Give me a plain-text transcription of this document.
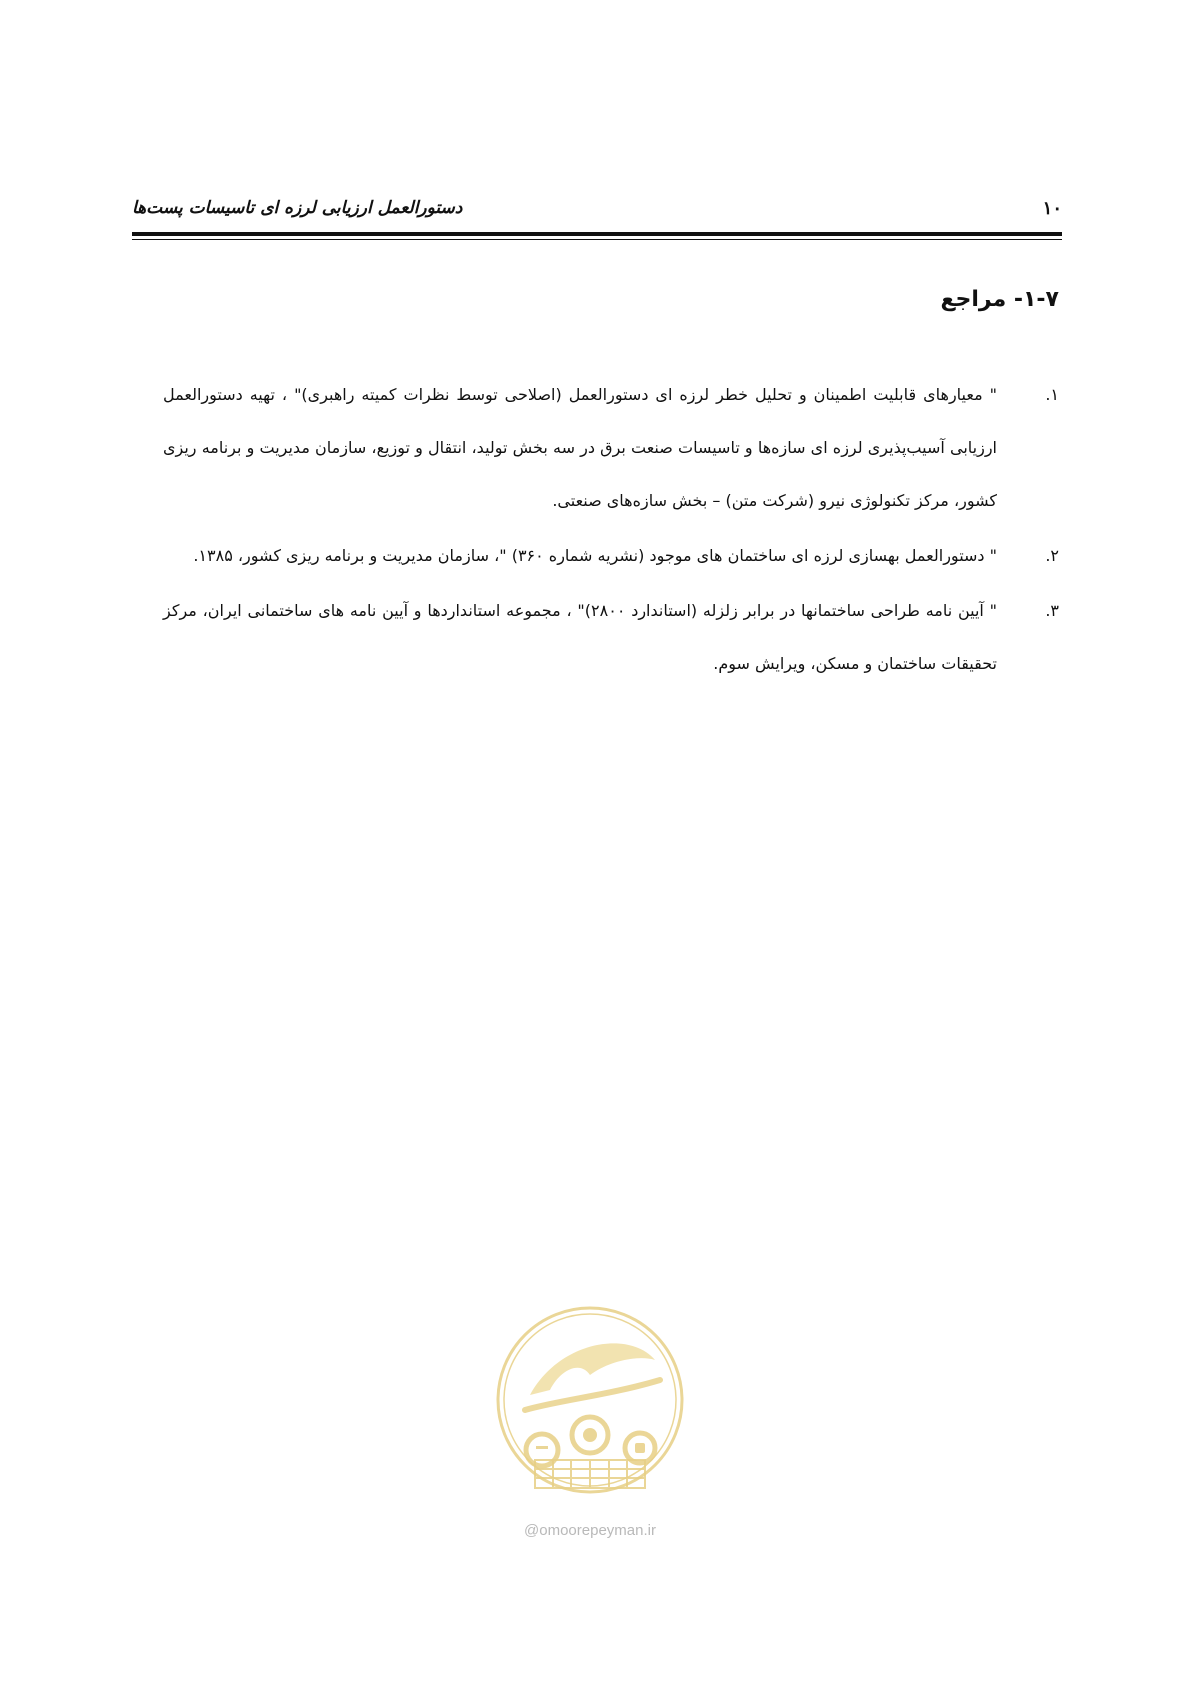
۱۰
دستورالعمل ارزیابی لرزه ای تاسیسات پست‌ها
۱-۷- مراجع
۱.
" معیارهای قابلیت اطمینان و تحلیل خطر لرزه ای دستورالعمل (اصلاحی توسط نظرات کمیته راهبری)" ، تهیه دستورالعمل ارزیابی آسیب‌پذیری لرزه ای سازه‌ها و تاسیسات صنعت برق در سه بخش تولید، انتقال و توزیع، سازمان مدیریت و برنامه ریزی کشور، مرکز تکنولوژی نیرو (شرکت متن) – بخش سازه‌های صنعتی.
۲.
" دستورالعمل بهسازی لرزه ای ساختمان های موجود (نشریه شماره ۳۶۰) "، سازمان مدیریت و برنامه ریزی کشور، ۱۳۸۵.
۳.
" آیین نامه طراحی ساختمانها در برابر زلزله (استاندارد ۲۸۰۰)" ، مجموعه استانداردها و آیین نامه های ساختمانی ایران، مرکز تحقیقات ساختمان و مسکن، ویرایش سوم.
@omoorepeyman.ir
